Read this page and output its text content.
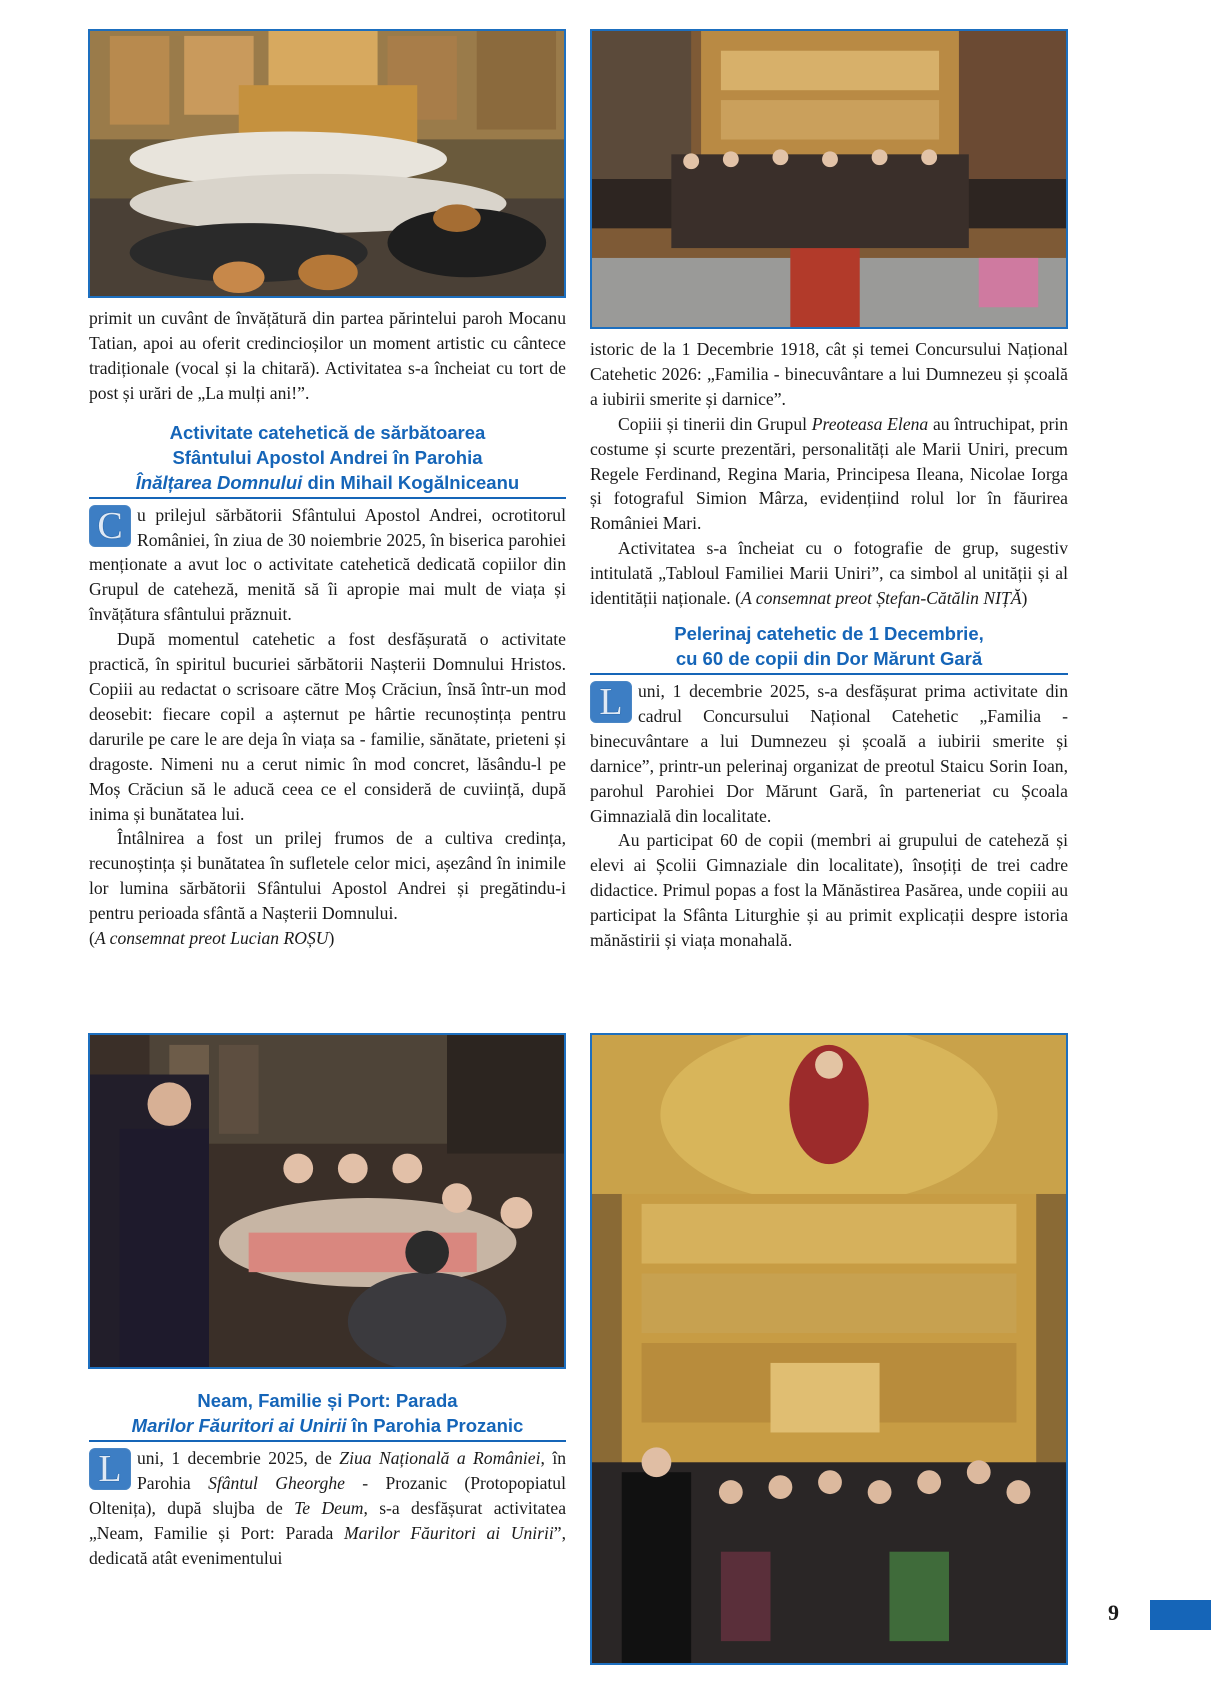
primit un cuvânt de învățătură din partea părintelui paroh Mocanu Tatian, apoi au oferit credincioșilor un moment artistic cu cântece tradiționale (vocal și la chitară). Activitatea s-a încheiat cu tort de post și urări de „La mulți ani!”.

Activitate catehetică de sărbătoarea
Sfântului Apostol Andrei în Parohia
Înălțarea Domnului din Mihail Kogălniceanu

C u prilejul sărbătorii Sfântului Apostol Andrei, ocrotitorul României, în ziua de 30 noiembrie 2025, în biserica parohiei menționate a avut loc o activitate catehetică dedicată copiilor din Grupul de cateheză, menită să îi apropie mai mult de viața și învățătura sfântului prăznuit.

După momentul catehetic a fost desfășurată o activitate practică, în spiritul bucuriei sărbătorii Nașterii Domnului Hristos. Copiii au redactat o scrisoare către Moș Crăciun, însă într-un mod deosebit: fiecare copil a așternut pe hârtie recunoștința pentru darurile pe care le are deja în viața sa - familie, sănătate, prieteni și dragoste. Nimeni nu a cerut nimic în mod concret, lăsându-l pe Moș Crăciun să le aducă ceea ce el consideră de cuviință, după inima și bunătatea lui.

Întâlnirea a fost un prilej frumos de a cultiva credința, recunoștința și bunătatea în sufletele celor mici, așezând în inimile lor lumina sărbătorii Sfântului Apostol Andrei și pregătindu-i pentru perioada sfântă a Nașterii Domnului.
(A consemnat preot Lucian ROȘU)

Neam, Familie și Port: Parada
Marilor Făuritori ai Unirii în Parohia Prozanic

L uni, 1 decembrie 2025, de Ziua Națională a României, în Parohia Sfântul Gheorghe - Prozanic (Protopopiatul Oltenița), după slujba de Te Deum, s-a desfășurat activitatea „Neam, Familie și Port: Parada Marilor Făuritori ai Unirii”, dedicată atât evenimentului

istoric de la 1 Decembrie 1918, cât și temei Concursului Național Catehetic 2026: „Familia - binecuvântare a lui Dumnezeu și școală a iubirii smerite și darnice”.

Copiii și tinerii din Grupul Preoteasa Elena au întruchipat, prin costume și scurte prezentări, personalități ale Marii Uniri, precum Regele Ferdinand, Regina Maria, Principesa Ileana, Nicolae Iorga și fotograful Simion Mârza, evidențiind rolul lor în făurirea României Mari.

Activitatea s-a încheiat cu o fotografie de grup, sugestiv intitulată „Tabloul Familiei Marii Uniri”, ca simbol al unității și al identității naționale. (A consemnat preot Ștefan-Cătălin NIȚĂ)

Pelerinaj catehetic de 1 Decembrie,
cu 60 de copii din Dor Mărunt Gară

L uni, 1 decembrie 2025, s-a desfășurat prima activitate din cadrul Concursului Național Catehetic „Familia - binecuvântare a lui Dumnezeu și școală a iubirii smerite și darnice”, printr-un pelerinaj organizat de preotul Staicu Sorin Ioan, parohul Parohiei Dor Mărunt Gară, în parteneriat cu Școala Gimnazială din localitate.

Au participat 60 de copii (membri ai grupului de cateheză și elevi ai Școlii Gimnaziale din localitate), însoțiți de trei cadre didactice. Primul popas a fost la Mănăstirea Pasărea, unde copiii au participat la Sfânta Liturghie și au primit explicații despre istoria mănăstirii și viața monahală.

9
